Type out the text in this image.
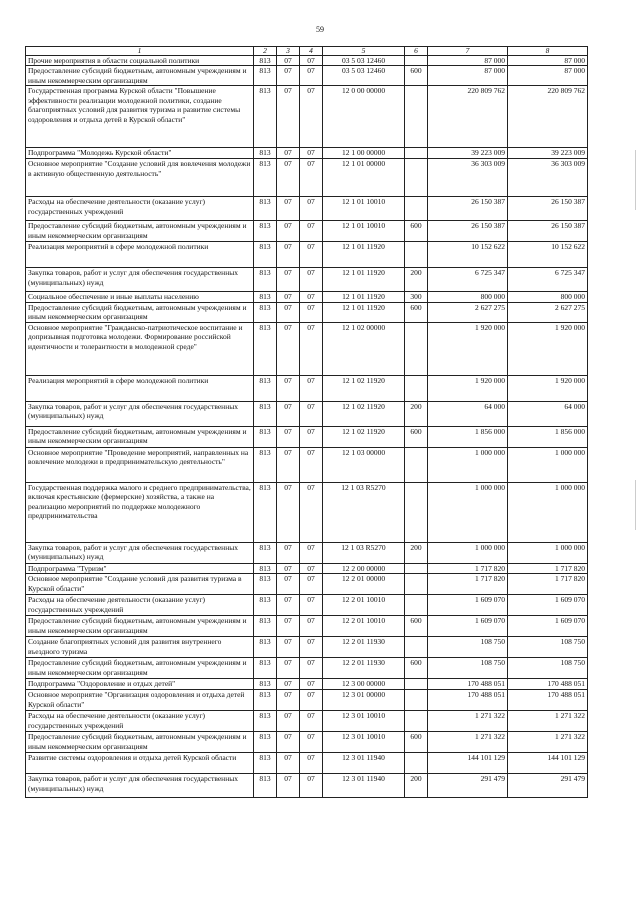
59
1	2	3	4	5	6	7	8
Прочие мероприятия в области социальной политики	813	07	07	03 5 03 12460		87 000	87 000
Предоставление субсидий бюджетным, автономным учреждениям и иным некоммерческим организациям	813	07	07	03 5 03 12460	600	87 000	87 000
Государственная программа Курской области "Повышение эффективности реализации молодежной политики, создание благоприятных условий для развития туризма и развитие системы оздоровления и отдыха детей в Курской области"	813	07	07	12 0 00 00000		220 809 762	220 809 762
Подпрограмма "Молодежь Курской области"	813	07	07	12 1 00 00000		39 223 009	39 223 009
Основное мероприятие "Создание условий для вовлечения молодежи в активную общественную деятельность"	813	07	07	12 1 01 00000		36 303 009	36 303 009
Расходы на обеспечение деятельности (оказание услуг) государственных учреждений	813	07	07	12 1 01 10010		26 150 387	26 150 387
Предоставление субсидий бюджетным, автономным учреждениям и иным некоммерческим организациям	813	07	07	12 1 01 10010	600	26 150 387	26 150 387
Реализация мероприятий в сфере молодежной политики	813	07	07	12 1 01 11920		10 152 622	10 152 622
Закупка товаров, работ и услуг для обеспечения государственных (муниципальных) нужд	813	07	07	12 1 01 11920	200	6 725 347	6 725 347
Социальное обеспечение и иные выплаты населению	813	07	07	12 1 01 11920	300	800 000	800 000
Предоставление субсидий бюджетным, автономным учреждениям и иным некоммерческим организациям	813	07	07	12 1 01 11920	600	2 627 275	2 627 275
Основное мероприятие "Гражданско-патриотическое воспитание и допризывная подготовка молодежи. Формирование российской идентичности и толерантности в молодежной среде"	813	07	07	12 1 02 00000		1 920 000	1 920 000
Реализация мероприятий в сфере молодежной политики	813	07	07	12 1 02 11920		1 920 000	1 920 000
Закупка товаров, работ и услуг для обеспечения государственных (муниципальных) нужд	813	07	07	12 1 02 11920	200	64 000	64 000
Предоставление субсидий бюджетным, автономным учреждениям и иным некоммерческим организациям	813	07	07	12 1 02 11920	600	1 856 000	1 856 000
Основное мероприятие "Проведение мероприятий, направленных на вовлечение молодежи в предпринимательскую деятельность"	813	07	07	12 1 03 00000		1 000 000	1 000 000
Государственная поддержка малого и среднего предпринимательства, включая крестьянские (фермерские) хозяйства, а также на реализацию мероприятий по поддержке молодежного предпринимательства	813	07	07	12 1 03 R5270		1 000 000	1 000 000
Закупка товаров, работ и услуг для обеспечения государственных (муниципальных) нужд	813	07	07	12 1 03 R5270	200	1 000 000	1 000 000
Подпрограмма "Туризм"	813	07	07	12 2 00 00000		1 717 820	1 717 820
Основное мероприятие "Создание условий для развития туризма в Курской области"	813	07	07	12 2 01 00000		1 717 820	1 717 820
Расходы на обеспечение деятельности (оказание услуг) государственных учреждений	813	07	07	12 2 01 10010		1 609 070	1 609 070
Предоставление субсидий бюджетным, автономным учреждениям и иным некоммерческим организациям	813	07	07	12 2 01 10010	600	1 609 070	1 609 070
Создание благоприятных условий для развития внутреннего въездного туризма	813	07	07	12 2 01 11930		108 750	108 750
Предоставление субсидий бюджетным, автономным учреждениям и иным некоммерческим организациям	813	07	07	12 2 01 11930	600	108 750	108 750
Подпрограмма "Оздоровление и отдых детей"	813	07	07	12 3 00 00000		170 488 051	170 488 051
Основное мероприятие "Организация оздоровления и отдыха детей Курской области"	813	07	07	12 3 01 00000		170 488 051	170 488 051
Расходы на обеспечение деятельности (оказание услуг) государственных учреждений	813	07	07	12 3 01 10010		1 271 322	1 271 322
Предоставление субсидий бюджетным, автономным учреждениям и иным некоммерческим организациям	813	07	07	12 3 01 10010	600	1 271 322	1 271 322
Развитие системы оздоровления и отдыха детей Курской области	813	07	07	12 3 01 11940		144 101 129	144 101 129
Закупка товаров, работ и услуг для обеспечения государственных (муниципальных) нужд	813	07	07	12 3 01 11940	200	291 479	291 479
